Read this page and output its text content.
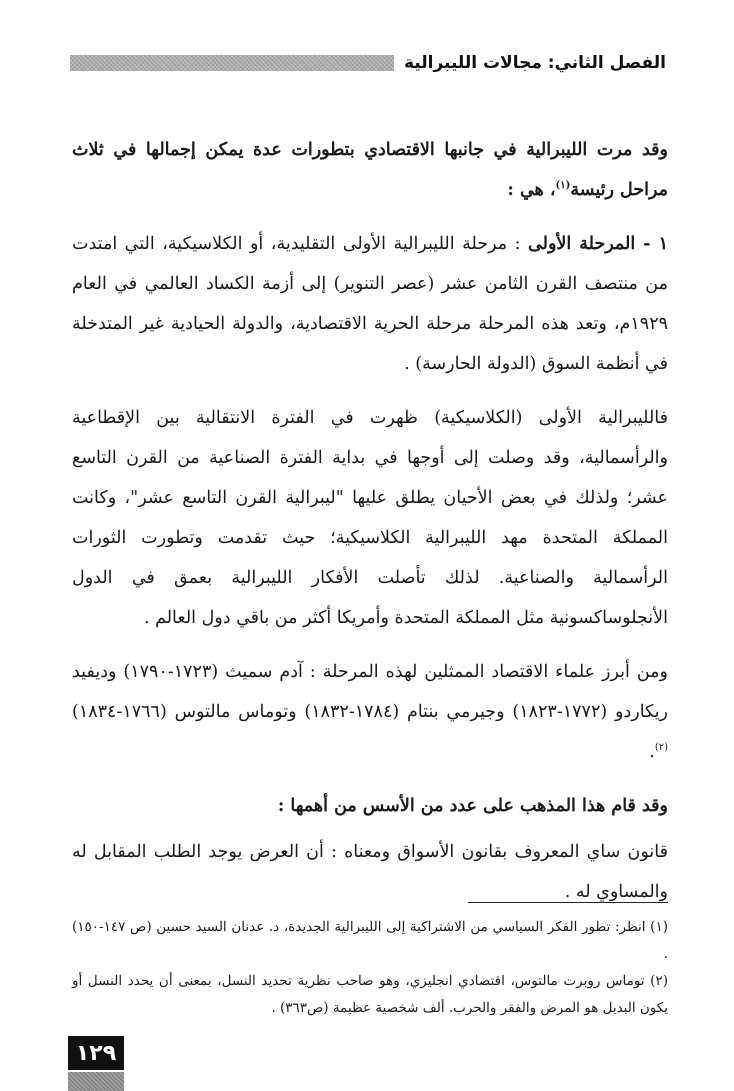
الفصل الثاني: مجالات الليبرالية

وقد مرت الليبرالية في جانبها الاقتصادي بتطورات عدة يمكن إجمالها في ثلاث مراحل رئيسة$^{(١)}$، هي :

١ - المرحلة الأولى : مرحلة الليبرالية الأولى التقليدية، أو الكلاسيكية، التي امتدت من منتصف القرن الثامن عشر (عصر التنوير) إلى أزمة الكساد العالمي في العام ١٩٢٩م، وتعد هذه المرحلة مرحلة الحرية الاقتصادية، والدولة الحيادية غير المتدخلة في أنظمة السوق (الدولة الحارسة) .

فالليبرالية الأولى (الكلاسيكية) ظهرت في الفترة الانتقالية بين الإقطاعية والرأسمالية، وقد وصلت إلى أوجها في بداية الفترة الصناعية من القرن التاسع عشر؛ ولذلك في بعض الأحيان يطلق عليها "ليبرالية القرن التاسع عشر"، وكانت المملكة المتحدة مهد الليبرالية الكلاسيكية؛ حيث تقدمت وتطورت الثورات الرأسمالية والصناعية. لذلك تأصلت الأفكار الليبرالية بعمق في الدول الأنجلوساكسونية مثل المملكة المتحدة وأمريكا أكثر من باقي دول العالم .

ومن أبرز علماء الاقتصاد الممثلين لهذه المرحلة : آدم سميث (١٧٢٣-١٧٩٠) وديفيد ريكاردو (١٧٧٢-١٨٢٣) وجيرمي بنتام (١٧٨٤-١٨٣٢) وتوماس مالتوس (١٧٦٦-١٨٣٤)$^{(٢)}$.

وقد قام هذا المذهب على عدد من الأسس من أهمها :

قانون ساي المعروف بقانون الأسواق ومعناه : أن العرض يوجد الطلب المقابل له والمساوي له .

(١) انظر: تطور الفكر السياسي من الاشتراكية إلى الليبرالية الجديدة، د. عدنان السيد حسين (ص ١٤٧-١٥٠) .

(٢) توماس روبرت مالتوس، اقتصادي انجليزي، وهو صاحب نظرية تحديد النسل، بمعنى أن يحدد النسل أو يكون البديل هو المرض والفقر والحرب. ألف شخصية عظيمة (ص٣٦٣) .

١٢٩
